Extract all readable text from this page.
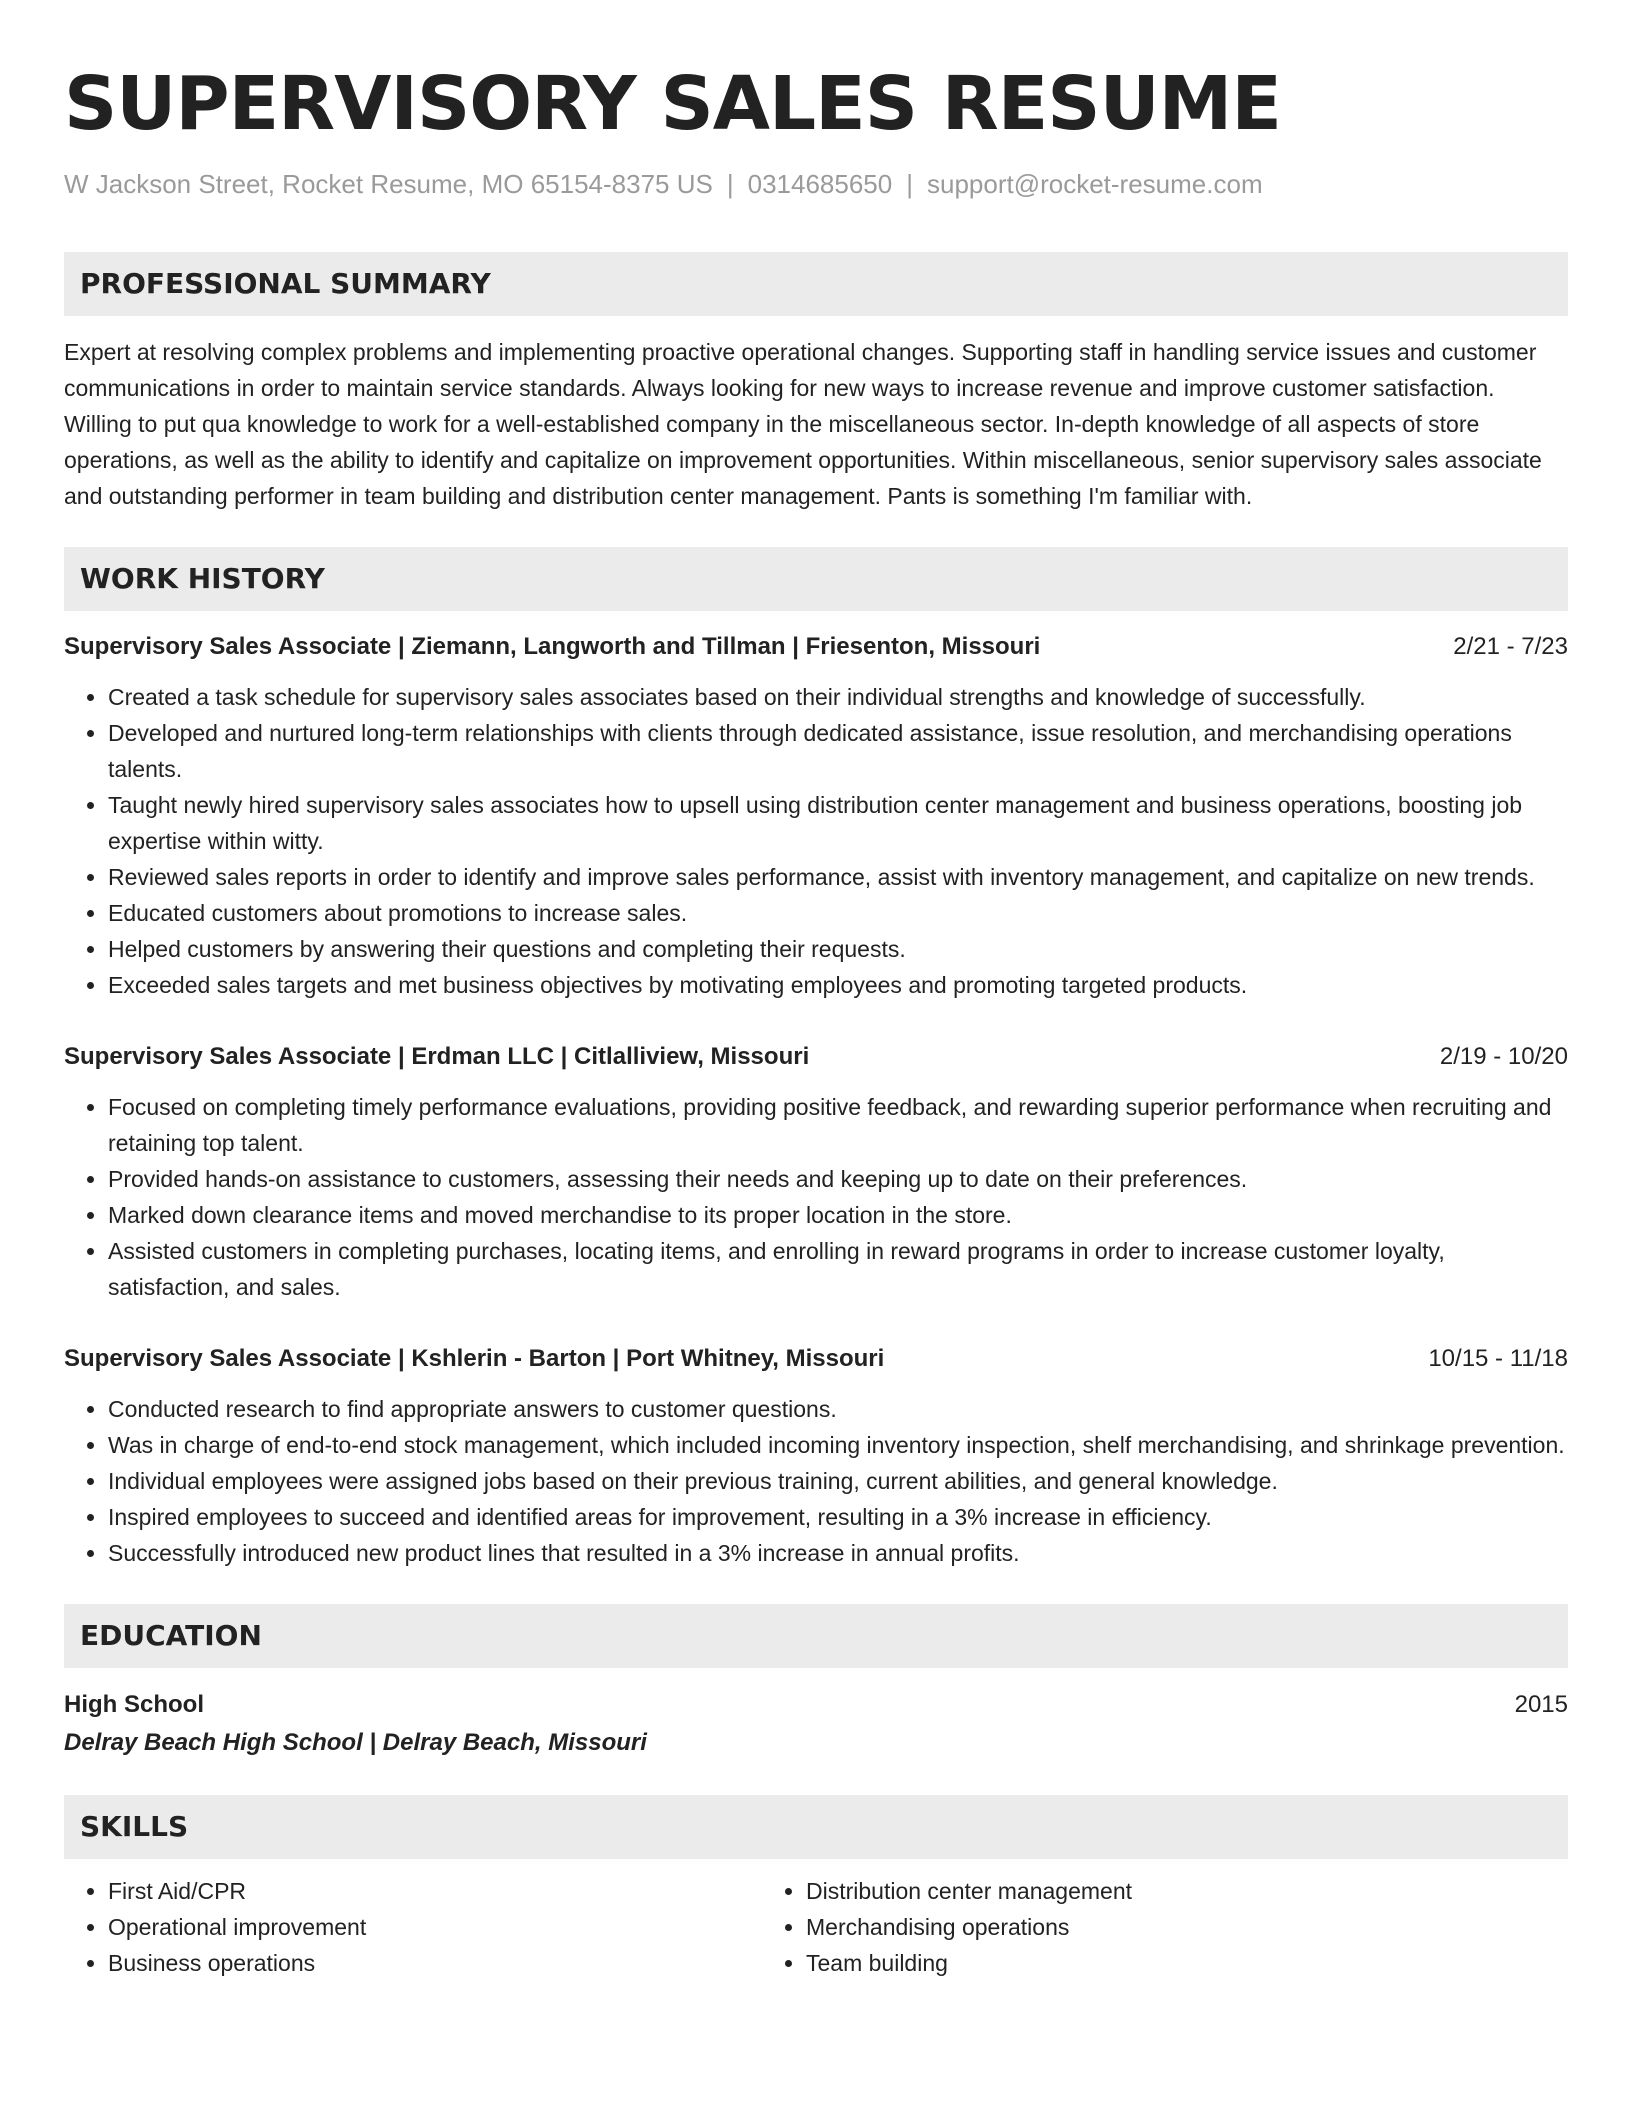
SUPERVISORY SALES RESUME
W Jackson Street, Rocket Resume, MO 65154-8375 US | 0314685650 | support@rocket-resume.com
PROFESSIONAL SUMMARY
Expert at resolving complex problems and implementing proactive operational changes. Supporting staff in handling service issues and customer communications in order to maintain service standards. Always looking for new ways to increase revenue and improve customer satisfaction. Willing to put qua knowledge to work for a well-established company in the miscellaneous sector. In-depth knowledge of all aspects of store operations, as well as the ability to identify and capitalize on improvement opportunities. Within miscellaneous, senior supervisory sales associate and outstanding performer in team building and distribution center management. Pants is something I'm familiar with.
WORK HISTORY
Supervisory Sales Associate | Ziemann, Langworth and Tillman | Friesenton, Missouri	2/21 - 7/23
• Created a task schedule for supervisory sales associates based on their individual strengths and knowledge of successfully.
• Developed and nurtured long-term relationships with clients through dedicated assistance, issue resolution, and merchandising operations talents.
• Taught newly hired supervisory sales associates how to upsell using distribution center management and business operations, boosting job expertise within witty.
• Reviewed sales reports in order to identify and improve sales performance, assist with inventory management, and capitalize on new trends.
• Educated customers about promotions to increase sales.
• Helped customers by answering their questions and completing their requests.
• Exceeded sales targets and met business objectives by motivating employees and promoting targeted products.
Supervisory Sales Associate | Erdman LLC | Citlalliview, Missouri	2/19 - 10/20
• Focused on completing timely performance evaluations, providing positive feedback, and rewarding superior performance when recruiting and retaining top talent.
• Provided hands-on assistance to customers, assessing their needs and keeping up to date on their preferences.
• Marked down clearance items and moved merchandise to its proper location in the store.
• Assisted customers in completing purchases, locating items, and enrolling in reward programs in order to increase customer loyalty, satisfaction, and sales.
Supervisory Sales Associate | Kshlerin - Barton | Port Whitney, Missouri	10/15 - 11/18
• Conducted research to find appropriate answers to customer questions.
• Was in charge of end-to-end stock management, which included incoming inventory inspection, shelf merchandising, and shrinkage prevention.
• Individual employees were assigned jobs based on their previous training, current abilities, and general knowledge.
• Inspired employees to succeed and identified areas for improvement, resulting in a 3% increase in efficiency.
• Successfully introduced new product lines that resulted in a 3% increase in annual profits.
EDUCATION
High School	2015
Delray Beach High School | Delray Beach, Missouri
SKILLS
• First Aid/CPR
• Operational improvement
• Business operations
• Distribution center management
• Merchandising operations
• Team building
